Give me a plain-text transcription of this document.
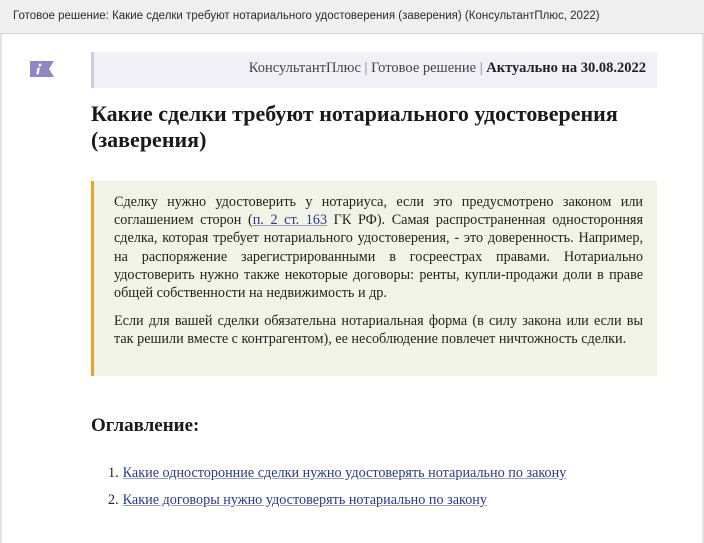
Готовое решение: Какие сделки требуют нотариального удостоверения (заверения) (КонсультантПлюс, 2022)
КонсультантПлюс | Готовое решение | Актуально на 30.08.2022
Какие сделки требуют нотариального удостоверения (заверения)

Сделку нужно удостоверить у нотариуса, если это предусмотрено законом или соглашением сторон (п. 2 ст. 163 ГК РФ). Самая распространенная односторонняя сделка, которая требует нотариального удостоверения, - это доверенность. Например, на распоряжение зарегистрированными в госреестрах правами. Нотариально удостоверить нужно также некоторые договоры: ренты, купли-продажи доли в праве общей собственности на недвижимость и др.

Если для вашей сделки обязательна нотариальная форма (в силу закона или если вы так решили вместе с контрагентом), ее несоблюдение повлечет ничтожность сделки.

Оглавление:
1. Какие односторонние сделки нужно удостоверять нотариально по закону
2. Какие договоры нужно удостоверять нотариально по закону
